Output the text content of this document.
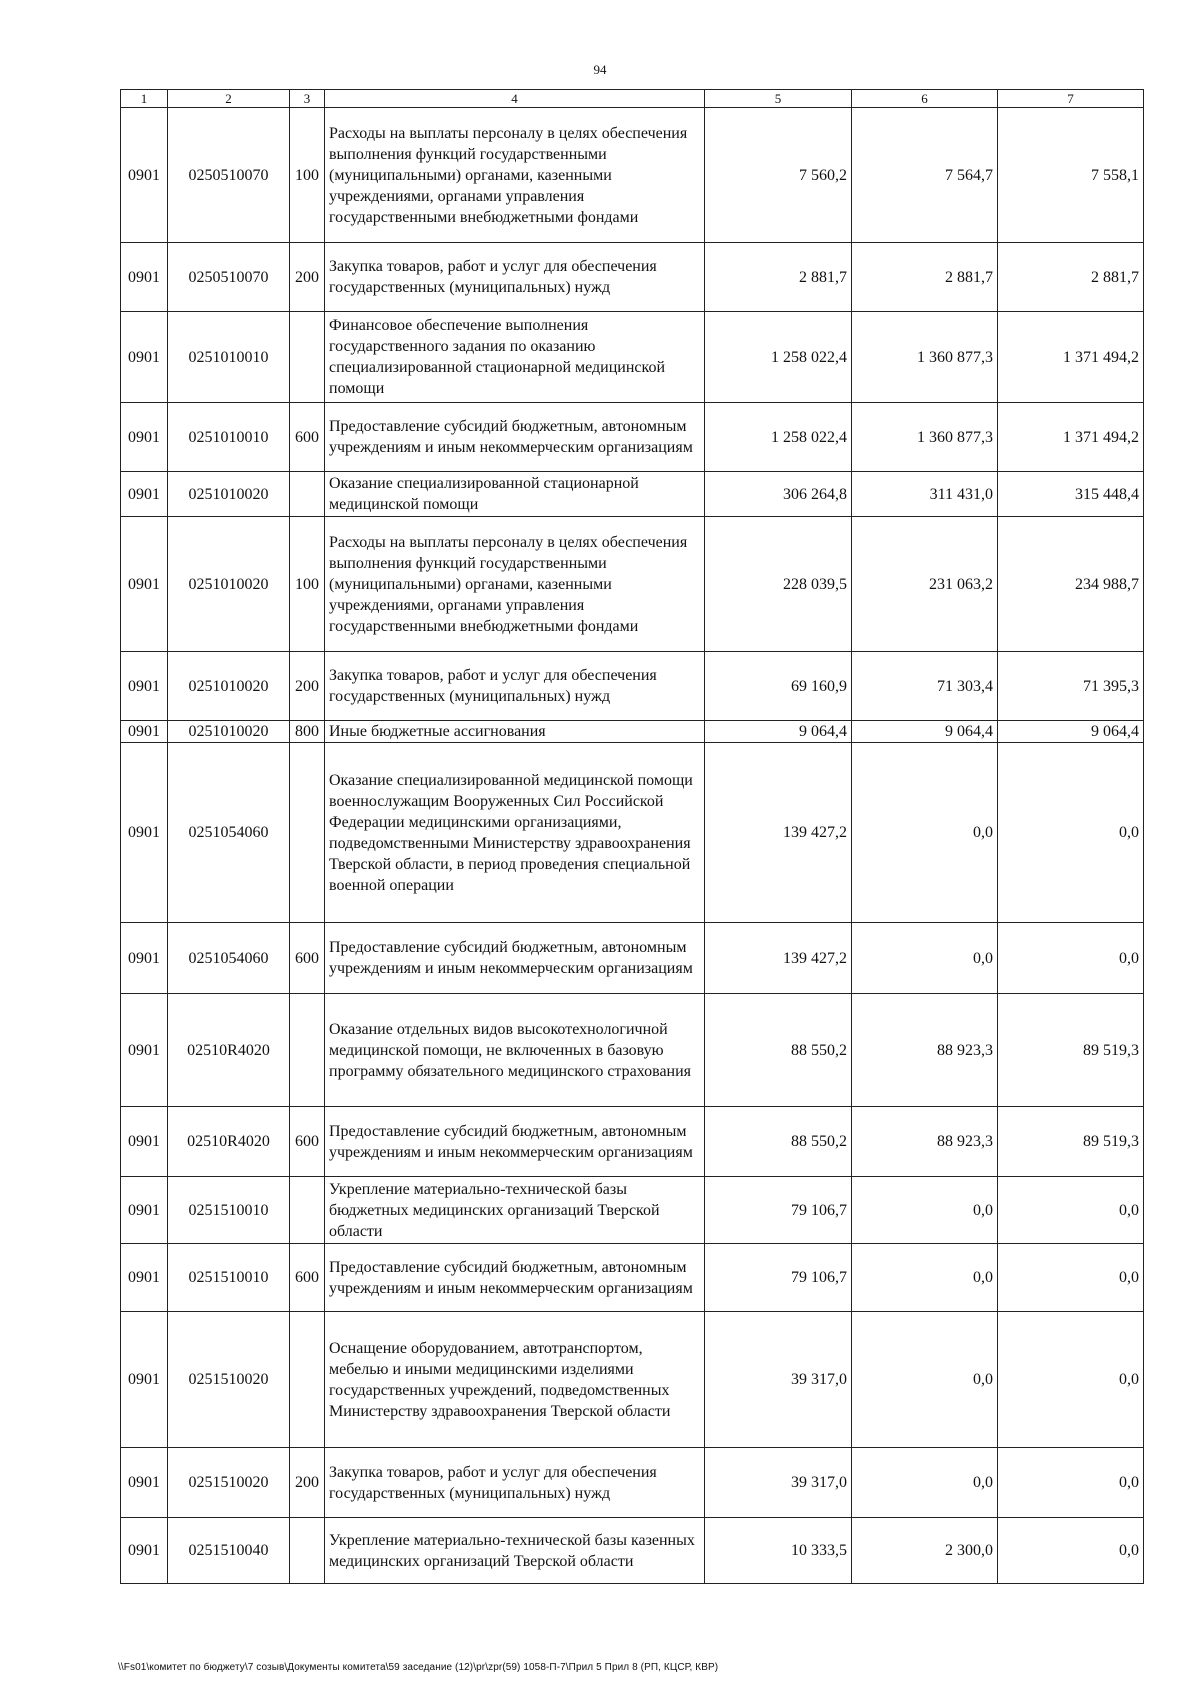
94
1	2	3	4	5	6	7
0901	0250510070	100	Расходы на выплаты персоналу в целях обеспечения выполнения функций государственными (муниципальными) органами, казенными учреждениями, органами управления государственными внебюджетными фондами	7 560,2	7 564,7	7 558,1
0901	0250510070	200	Закупка товаров, работ и услуг для обеспечения государственных (муниципальных) нужд	2 881,7	2 881,7	2 881,7
0901	0251010010		Финансовое обеспечение выполнения государственного задания по оказанию специализированной стационарной медицинской помощи	1 258 022,4	1 360 877,3	1 371 494,2
0901	0251010010	600	Предоставление субсидий бюджетным, автономным учреждениям и иным некоммерческим организациям	1 258 022,4	1 360 877,3	1 371 494,2
0901	0251010020		Оказание специализированной стационарной медицинской помощи	306 264,8	311 431,0	315 448,4
0901	0251010020	100	Расходы на выплаты персоналу в целях обеспечения выполнения функций государственными (муниципальными) органами, казенными учреждениями, органами управления государственными внебюджетными фондами	228 039,5	231 063,2	234 988,7
0901	0251010020	200	Закупка товаров, работ и услуг для обеспечения государственных (муниципальных) нужд	69 160,9	71 303,4	71 395,3
0901	0251010020	800	Иные бюджетные ассигнования	9 064,4	9 064,4	9 064,4
0901	0251054060		Оказание специализированной медицинской помощи военнослужащим Вооруженных Сил Российской Федерации медицинскими организациями, подведомственными Министерству здравоохранения Тверской области, в период проведения специальной военной операции	139 427,2	0,0	0,0
0901	0251054060	600	Предоставление субсидий бюджетным, автономным учреждениям и иным некоммерческим организациям	139 427,2	0,0	0,0
0901	02510R4020		Оказание отдельных видов высокотехнологичной медицинской помощи, не включенных в базовую программу обязательного медицинского страхования	88 550,2	88 923,3	89 519,3
0901	02510R4020	600	Предоставление субсидий бюджетным, автономным учреждениям и иным некоммерческим организациям	88 550,2	88 923,3	89 519,3
0901	0251510010		Укрепление материально-технической базы бюджетных медицинских организаций Тверской области	79 106,7	0,0	0,0
0901	0251510010	600	Предоставление субсидий бюджетным, автономным учреждениям и иным некоммерческим организациям	79 106,7	0,0	0,0
0901	0251510020		Оснащение оборудованием, автотранспортом, мебелью и иными медицинскими изделиями государственных учреждений, подведомственных Министерству здравоохранения Тверской области	39 317,0	0,0	0,0
0901	0251510020	200	Закупка товаров, работ и услуг для обеспечения государственных (муниципальных) нужд	39 317,0	0,0	0,0
0901	0251510040		Укрепление материально-технической базы казенных медицинских организаций Тверской области	10 333,5	2 300,0	0,0
\\Fs01\комитет по бюджету\7 созыв\Документы комитета\59 заседание (12)\pr\zpr(59) 1058-П-7\Прил 5 Прил 8 (РП, КЦСР, КВР)
